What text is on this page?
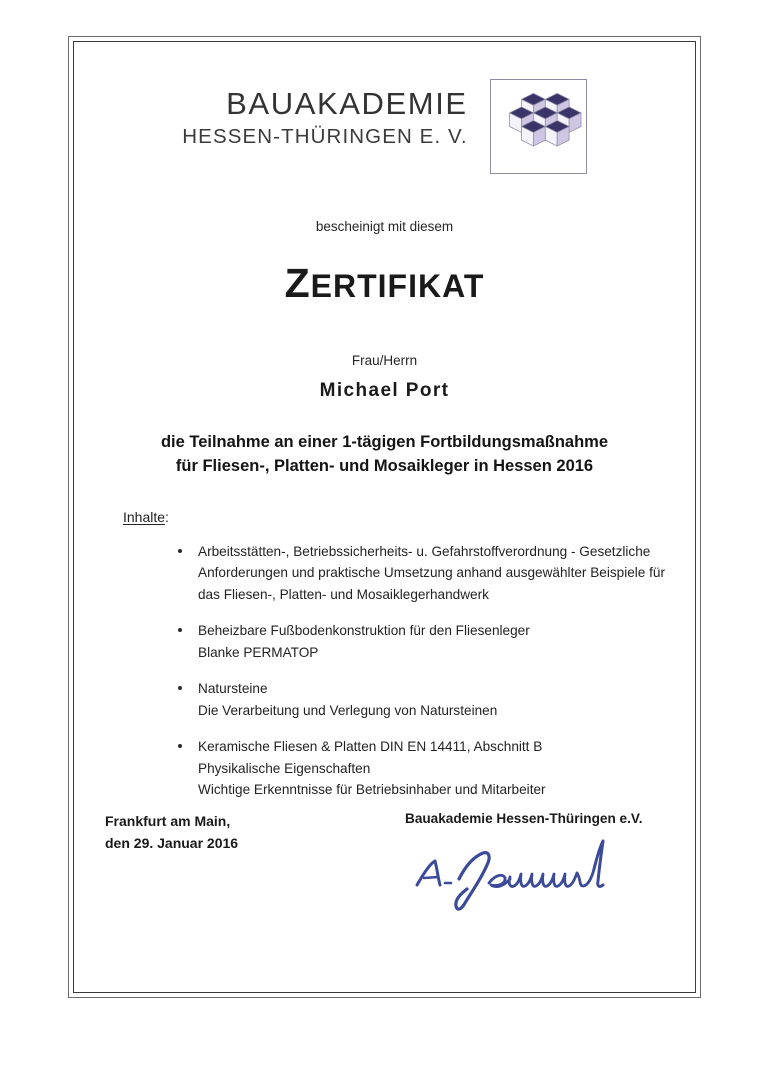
BAUAKADEMIE
HESSEN-THÜRINGEN E. V.
bescheinigt mit diesem
ZERTIFIKAT
Frau/Herrn
Michael Port
die Teilnahme an einer 1-tägigen Fortbildungsmaßnahme
für Fliesen-, Platten- und Mosaikleger in Hessen 2016
Inhalte:
Arbeitsstätten-, Betriebssicherheits- u. Gefahrstoffverordnung - Gesetzliche
Anforderungen und praktische Umsetzung anhand ausgewählter Beispiele für
das Fliesen-, Platten- und Mosaiklegerhandwerk
Beheizbare Fußbodenkonstruktion für den Fliesenleger
Blanke PERMATOP
Natursteine
Die Verarbeitung und Verlegung von Natursteinen
Keramische Fliesen & Platten DIN EN 14411, Abschnitt B
Physikalische Eigenschaften
Wichtige Erkenntnisse für Betriebsinhaber und Mitarbeiter
Frankfurt am Main,
den 29. Januar 2016
Bauakademie Hessen-Thüringen e.V.
